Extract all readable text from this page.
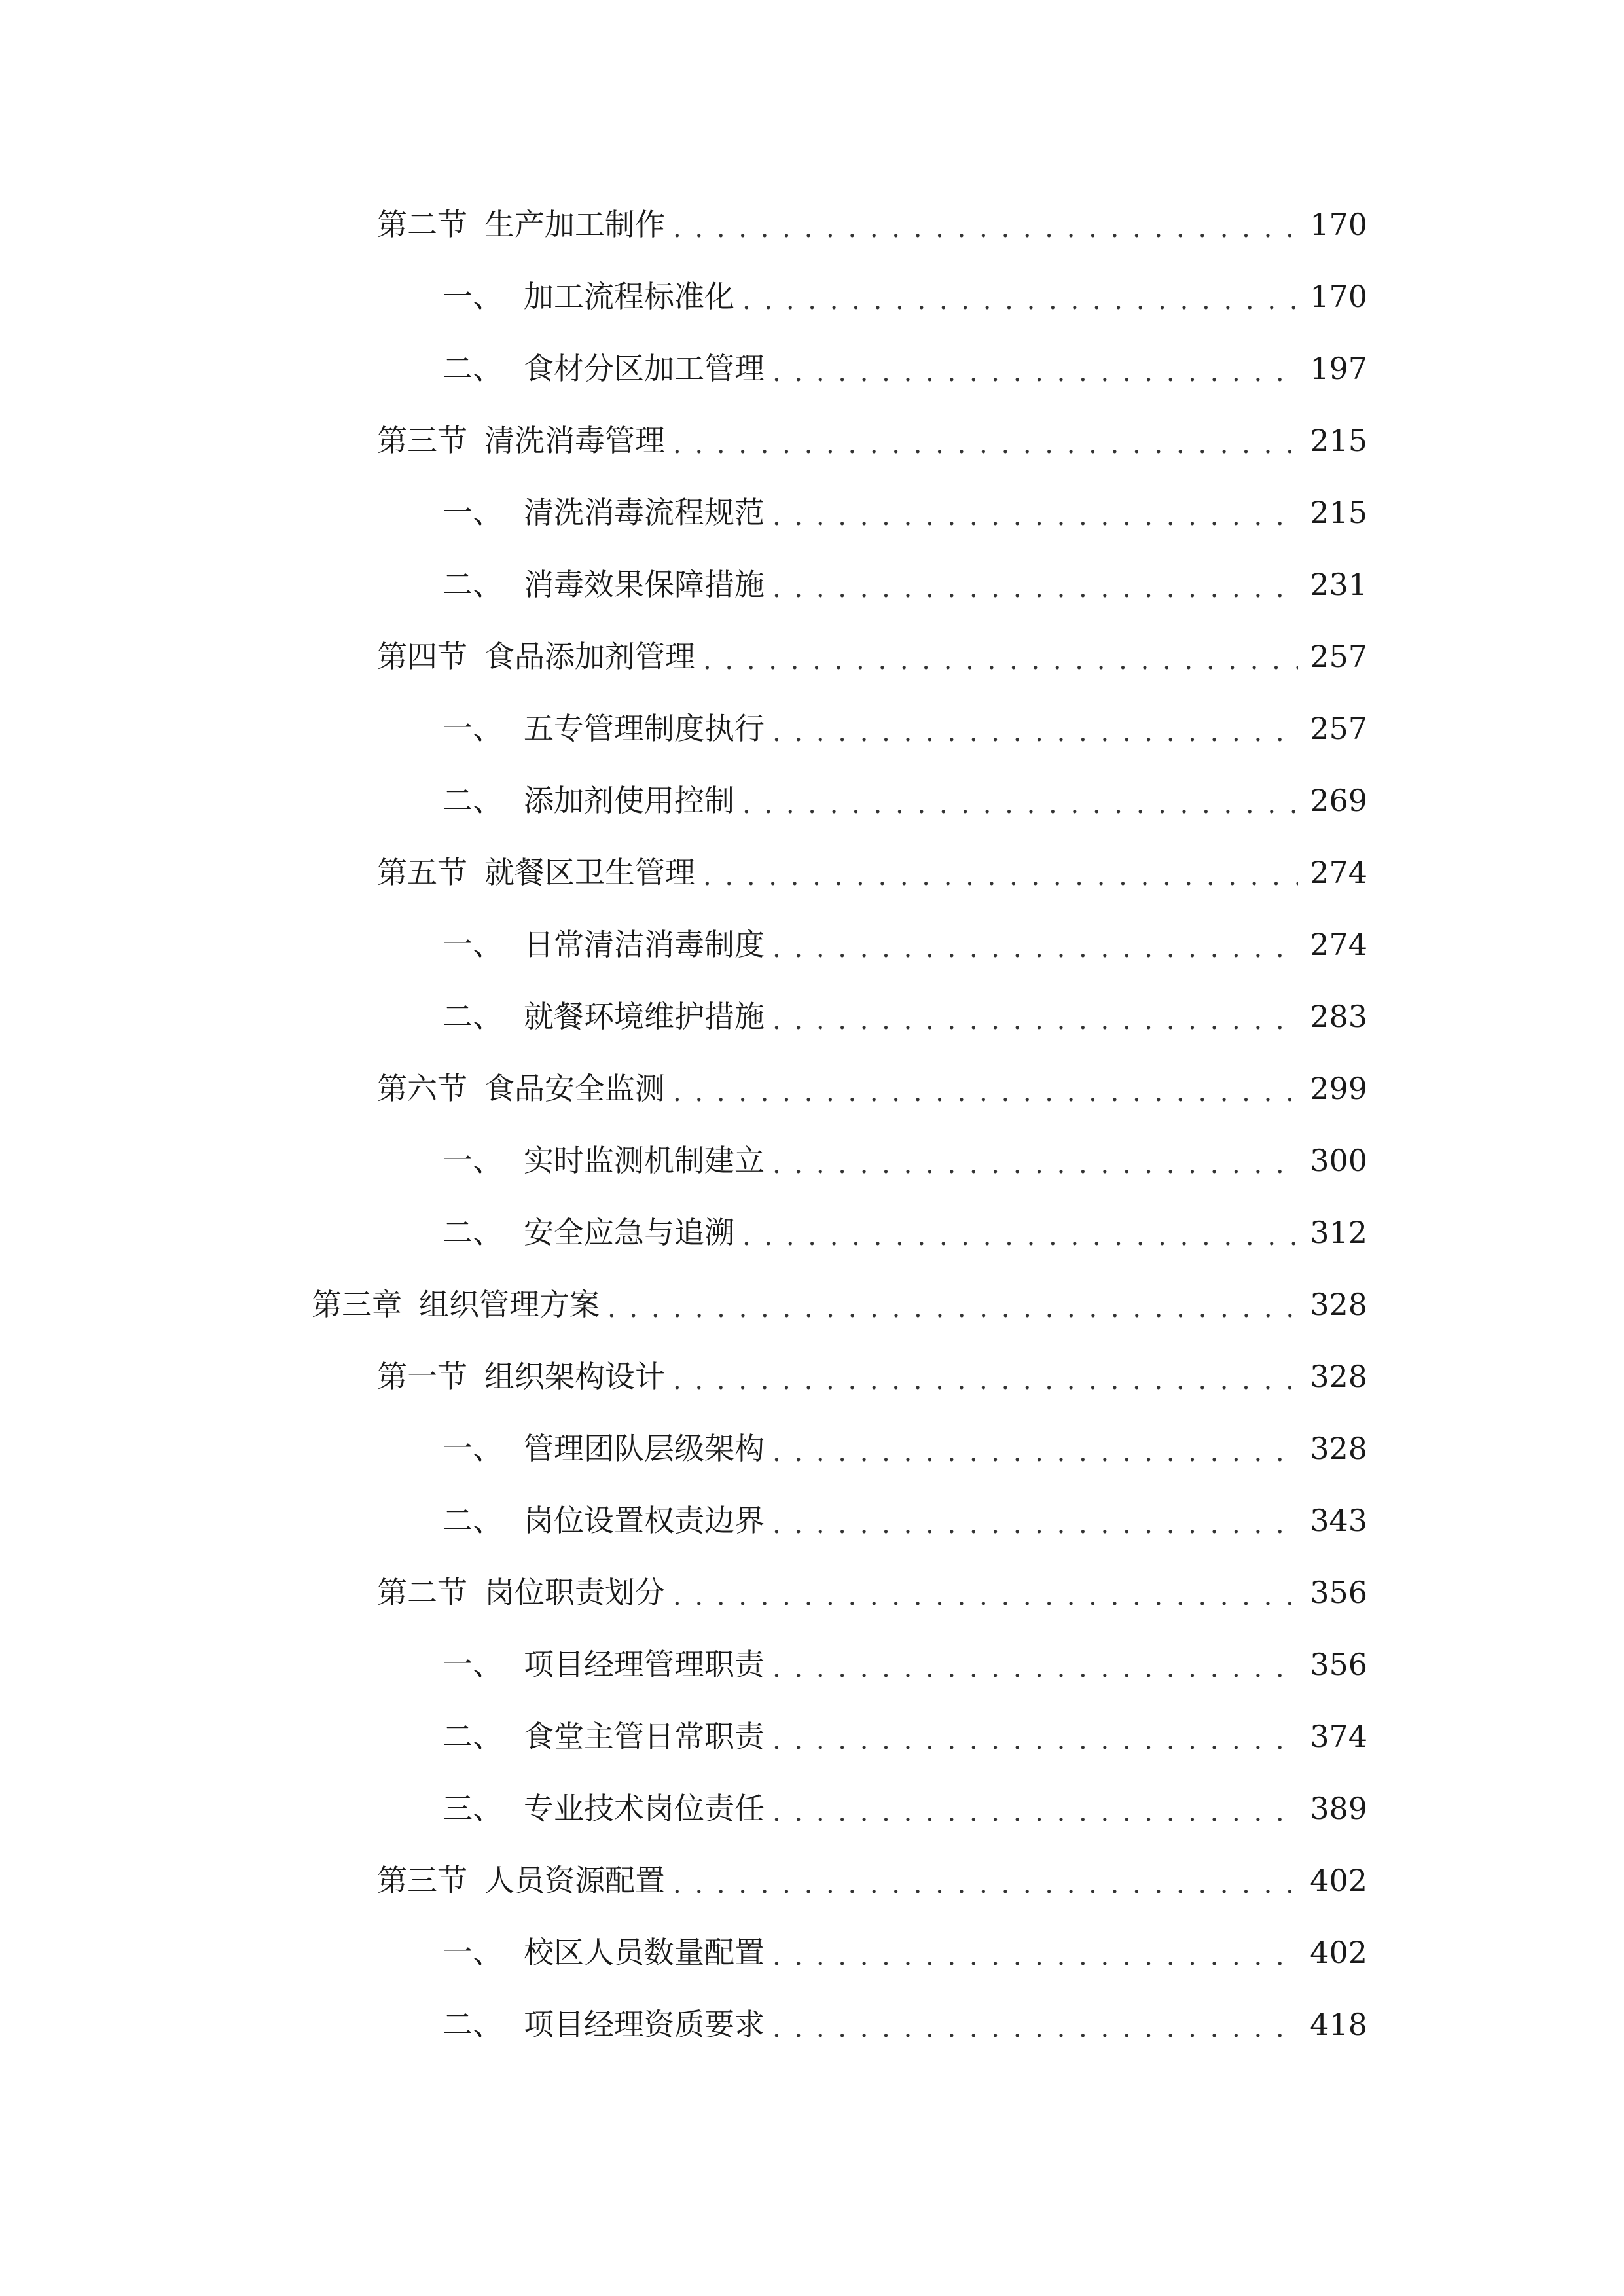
第二节 生产加工制作 . . .	170
一、 加工流程标准化 . . .	170
二、 食材分区加工管理 . . .	197
第三节 清洗消毒管理 . . .	215
一、 清洗消毒流程规范 . . .	215
二、 消毒效果保障措施 . . .	231
第四节 食品添加剂管理 . . .	257
一、 五专管理制度执行 . . .	257
二、 添加剂使用控制 . . .	269
第五节 就餐区卫生管理 . . .	274
一、 日常清洁消毒制度 . . .	274
二、 就餐环境维护措施 . . .	283
第六节 食品安全监测 . . .	299
一、 实时监测机制建立 . . .	300
二、 安全应急与追溯 . . .	312
第三章 组织管理方案 . . .	328
第一节 组织架构设计 . . .	328
一、 管理团队层级架构 . . .	328
二、 岗位设置权责边界 . . .	343
第二节 岗位职责划分 . . .	356
一、 项目经理管理职责 . . .	356
二、 食堂主管日常职责 . . .	374
三、 专业技术岗位责任 . . .	389
第三节 人员资源配置 . . .	402
一、 校区人员数量配置 . . .	402
二、 项目经理资质要求 . . .	418
